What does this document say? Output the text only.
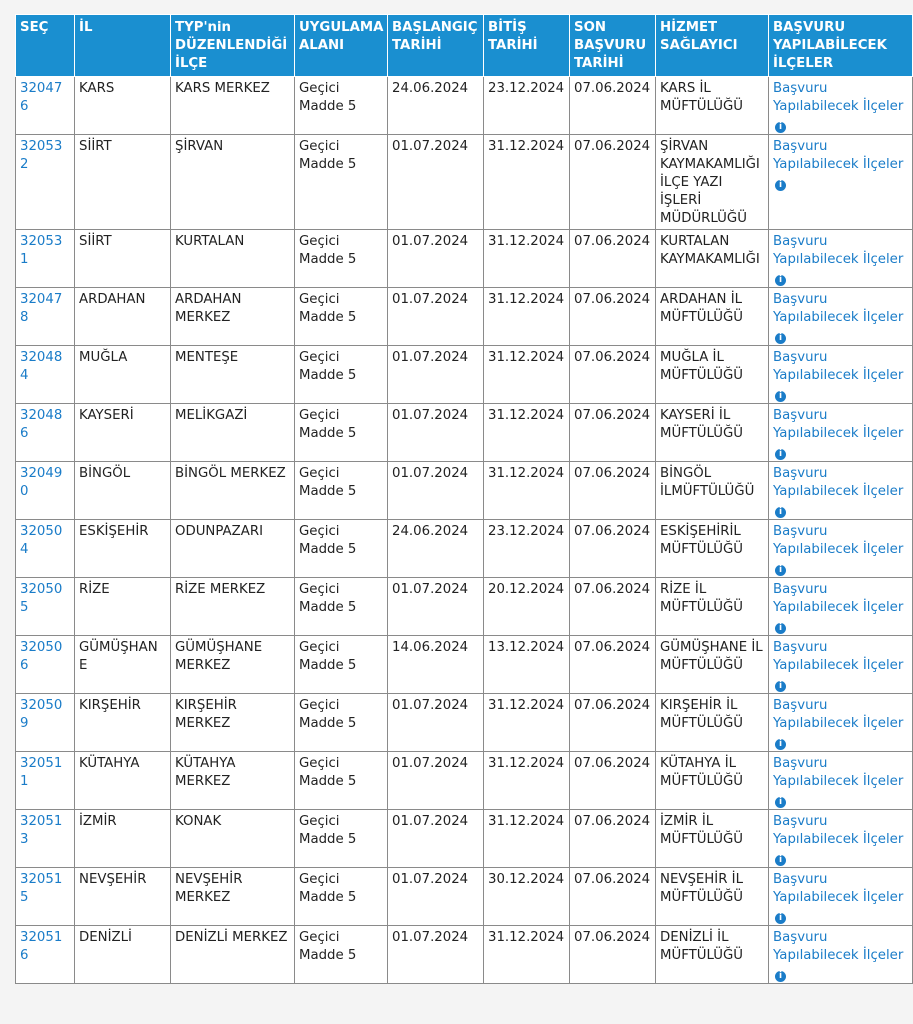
SEÇ	İL	TYP'nin DÜZENLENDİĞİ İLÇE	UYGULAMA ALANI	BAŞLANGIÇ TARİHİ	BİTİŞ TARİHİ	SON BAŞVURU TARİHİ	HİZMET SAĞLAYICI	BAŞVURU YAPILABİLECEK İLÇELER
320476	KARS	KARS MERKEZ	Geçici Madde 5	24.06.2024	23.12.2024	07.06.2024	KARS İL MÜFTÜLÜĞÜ	Başvuru Yapılabilecek İlçeleri
320532	SİİRT	ŞİRVAN	Geçici Madde 5	01.07.2024	31.12.2024	07.06.2024	ŞİRVAN KAYMAKAMLIĞI İLÇE YAZI İŞLERİ MÜDÜRLÜĞÜ	Başvuru Yapılabilecek İlçeleri
320531	SİİRT	KURTALAN	Geçici Madde 5	01.07.2024	31.12.2024	07.06.2024	KURTALAN KAYMAKAMLIĞI	Başvuru Yapılabilecek İlçeleri
320478	ARDAHAN	ARDAHAN MERKEZ	Geçici Madde 5	01.07.2024	31.12.2024	07.06.2024	ARDAHAN İL MÜFTÜLÜĞÜ	Başvuru Yapılabilecek İlçeleri
320484	MUĞLA	MENTEŞE	Geçici Madde 5	01.07.2024	31.12.2024	07.06.2024	MUĞLA İL MÜFTÜLÜĞÜ	Başvuru Yapılabilecek İlçeleri
320486	KAYSERİ	MELİKGAZİ	Geçici Madde 5	01.07.2024	31.12.2024	07.06.2024	KAYSERİ İL MÜFTÜLÜĞÜ	Başvuru Yapılabilecek İlçeleri
320490	BİNGÖL	BİNGÖL MERKEZ	Geçici Madde 5	01.07.2024	31.12.2024	07.06.2024	BİNGÖL İLMÜFTÜLÜĞÜ	Başvuru Yapılabilecek İlçeleri
320504	ESKİŞEHİR	ODUNPAZARI	Geçici Madde 5	24.06.2024	23.12.2024	07.06.2024	ESKİŞEHİRİL MÜFTÜLÜĞÜ	Başvuru Yapılabilecek İlçeleri
320505	RİZE	RİZE MERKEZ	Geçici Madde 5	01.07.2024	20.12.2024	07.06.2024	RİZE İL MÜFTÜLÜĞÜ	Başvuru Yapılabilecek İlçeleri
320506	GÜMÜŞHANE	GÜMÜŞHANE MERKEZ	Geçici Madde 5	14.06.2024	13.12.2024	07.06.2024	GÜMÜŞHANE İL MÜFTÜLÜĞÜ	Başvuru Yapılabilecek İlçeleri
320509	KIRŞEHİR	KIRŞEHİR MERKEZ	Geçici Madde 5	01.07.2024	31.12.2024	07.06.2024	KIRŞEHİR İL MÜFTÜLÜĞÜ	Başvuru Yapılabilecek İlçeleri
320511	KÜTAHYA	KÜTAHYA MERKEZ	Geçici Madde 5	01.07.2024	31.12.2024	07.06.2024	KÜTAHYA İL MÜFTÜLÜĞÜ	Başvuru Yapılabilecek İlçeleri
320513	İZMİR	KONAK	Geçici Madde 5	01.07.2024	31.12.2024	07.06.2024	İZMİR İL MÜFTÜLÜĞÜ	Başvuru Yapılabilecek İlçeleri
320515	NEVŞEHİR	NEVŞEHİR MERKEZ	Geçici Madde 5	01.07.2024	30.12.2024	07.06.2024	NEVŞEHİR İL MÜFTÜLÜĞÜ	Başvuru Yapılabilecek İlçeleri
320516	DENİZLİ	DENİZLİ MERKEZ	Geçici Madde 5	01.07.2024	31.12.2024	07.06.2024	DENİZLİ İL MÜFTÜLÜĞÜ	Başvuru Yapılabilecek İlçeleri
